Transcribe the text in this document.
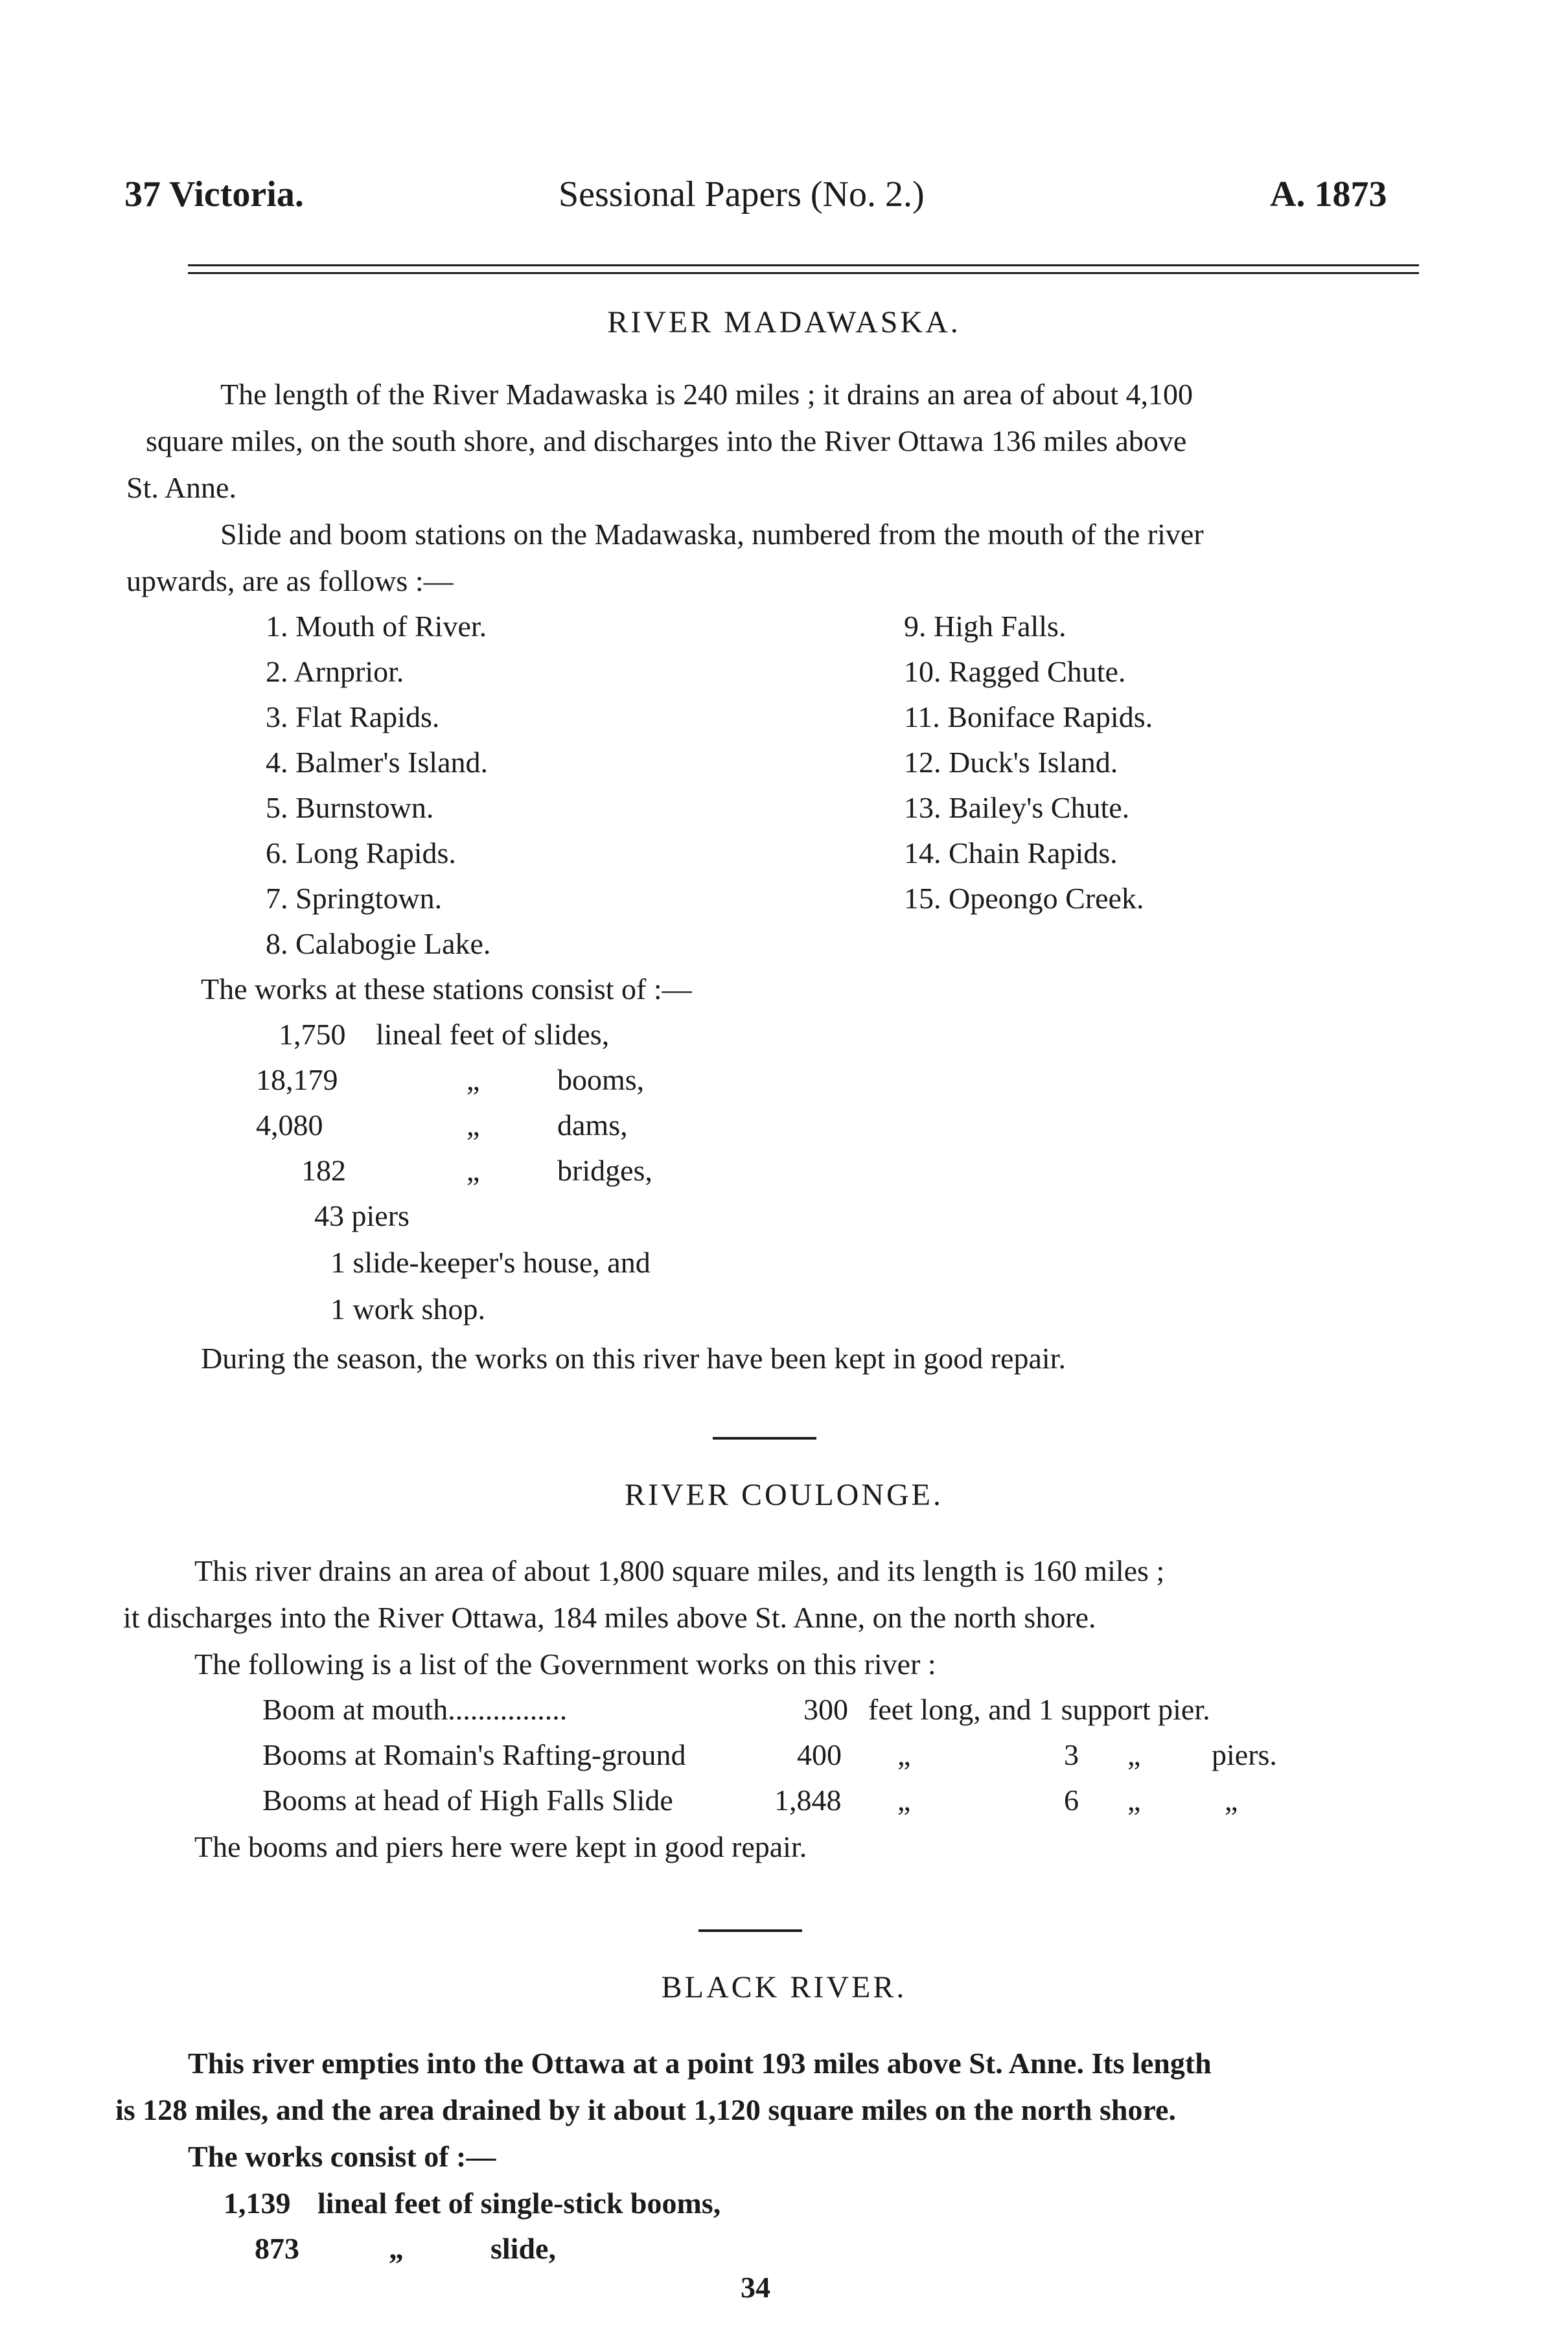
37 Victoria.	Sessional Papers (No. 2.)	A. 1873
RIVER MADAWASKA.
The length of the River Madawaska is 240 miles ; it drains an area of about 4,100
square miles, on the south shore, and discharges into the River Ottawa 136 miles above
St. Anne.
Slide and boom stations on the Madawaska, numbered from the mouth of the river
upwards, are as follows :—
1. Mouth of River.
2. Arnprior.
3. Flat Rapids.
4. Balmer's Island.
5. Burnstown.
6. Long Rapids.
7. Springtown.
8. Calabogie Lake.
9. High Falls.
10. Ragged Chute.
11. Boniface Rapids.
12. Duck's Island.
13. Bailey's Chute.
14. Chain Rapids.
15. Opeongo Creek.
The works at these stations consist of :—
1,750 lineal feet of slides,
18,179	„	booms,
4,080	„	dams,
182	„	bridges,
43 piers
1 slide-keeper's house, and
1 work shop.
During the season, the works on this river have been kept in good repair.
RIVER COULONGE.
This river drains an area of about 1,800 square miles, and its length is 160 miles ;
it discharges into the River Ottawa, 184 miles above St. Anne, on the north shore.
The following is a list of the Government works on this river :
Boom at mouth................	300 feet long, and 1 support pier.
Booms at Romain's Rafting-ground	400 „	3 „ piers.
Booms at head of High Falls Slide	1,848 „	6 „	„
The booms and piers here were kept in good repair.
BLACK RIVER.
This river empties into the Ottawa at a point 193 miles above St. Anne. Its length
is 128 miles, and the area drained by it about 1,120 square miles on the north shore.
The works consist of :—
1,139 lineal feet of single-stick booms,
873	„	slide,
34
